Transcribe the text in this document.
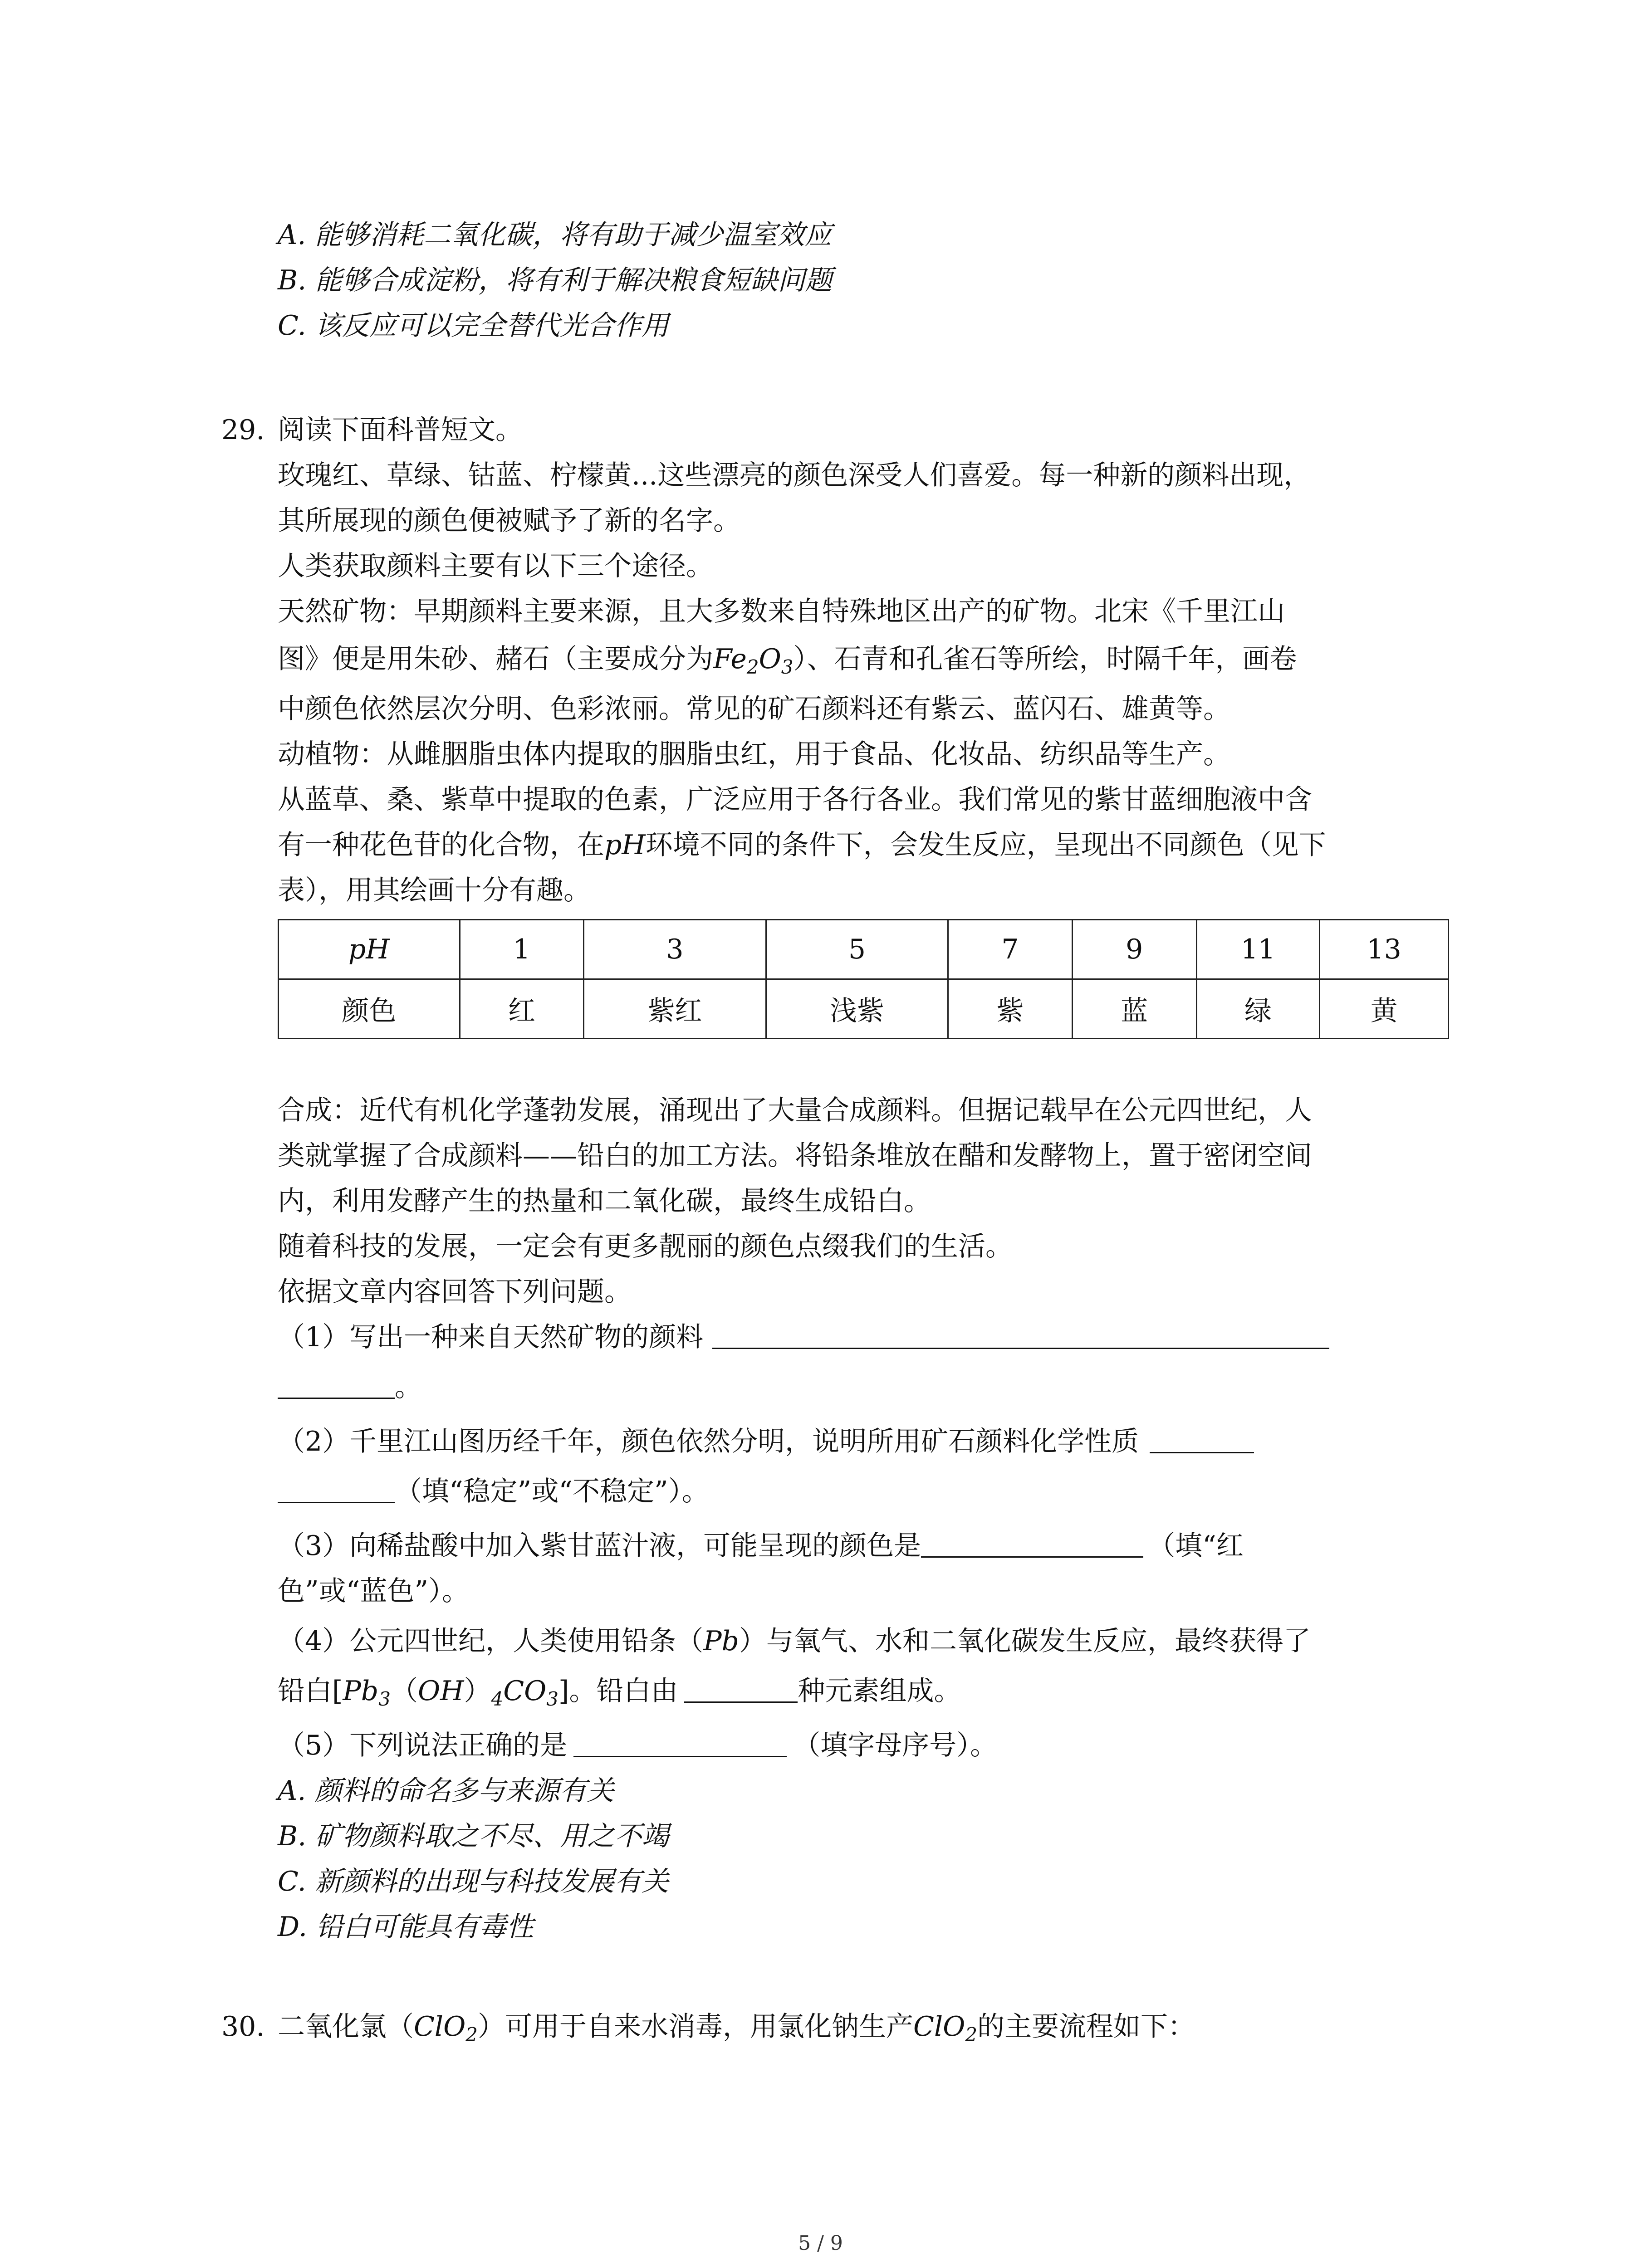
A. 能够消耗二氧化碳，将有助于减少温室效应
B. 能够合成淀粉，将有利于解决粮食短缺问题
C. 该反应可以完全替代光合作用
29. 阅读下面科普短文。
玫瑰红、草绿、钴蓝、柠檬黄...这些漂亮的颜色深受人们喜爱。每一种新的颜料出现，
其所展现的颜色便被赋予了新的名字。
人类获取颜料主要有以下三个途径。
天然矿物：早期颜料主要来源，且大多数来自特殊地区出产的矿物。北宋《千里江山
图》便是用朱砂、赭石（主要成分为$Fe_2O_3$）、石青和孔雀石等所绘，时隔千年，画卷
中颜色依然层次分明、色彩浓丽。常见的矿石颜料还有紫云、蓝闪石、雄黄等。
动植物：从雌胭脂虫体内提取的胭脂虫红，用于食品、化妆品、纺织品等生产。
从蓝草、桑、紫草中提取的色素，广泛应用于各行各业。我们常见的紫甘蓝细胞液中含
有一种花色苷的化合物，在pH环境不同的条件下，会发生反应，呈现出不同颜色（见下
表），用其绘画十分有趣。
pH	1	3	5	7	9	11	13
颜色	红	紫红	浅紫	紫	蓝	绿	黄
合成：近代有机化学蓬勃发展，涌现出了大量合成颜料。但据记载早在公元四世纪，人
类就掌握了合成颜料——铅白的加工方法。将铅条堆放在醋和发酵物上，置于密闭空间
内，利用发酵产生的热量和二氧化碳，最终生成铅白。
随着科技的发展，一定会有更多靓丽的颜色点缀我们的生活。
依据文章内容回答下列问题。
（1）写出一种来自天然矿物的颜料
。
（2）千里江山图历经千年，颜色依然分明，说明所用矿石颜料化学性质
（填“稳定”或“不稳定”）。
（3）向稀盐酸中加入紫甘蓝汁液，可能呈现的颜色是	（填“红
色”或“蓝色”）。
（4）公元四世纪，人类使用铅条（Pb）与氧气、水和二氧化碳发生反应，最终获得了
铅白$[Pb_3(OH)_4CO_3]$。铅白由	种元素组成。
（5）下列说法正确的是	（填字母序号）。
A. 颜料的命名多与来源有关
B. 矿物颜料取之不尽、用之不竭
C. 新颜料的出现与科技发展有关
D. 铅白可能具有毒性
30. 二氧化氯（ClO$_2$）可用于自来水消毒，用氯化钠生产ClO$_2$的主要流程如下：
5 / 9
